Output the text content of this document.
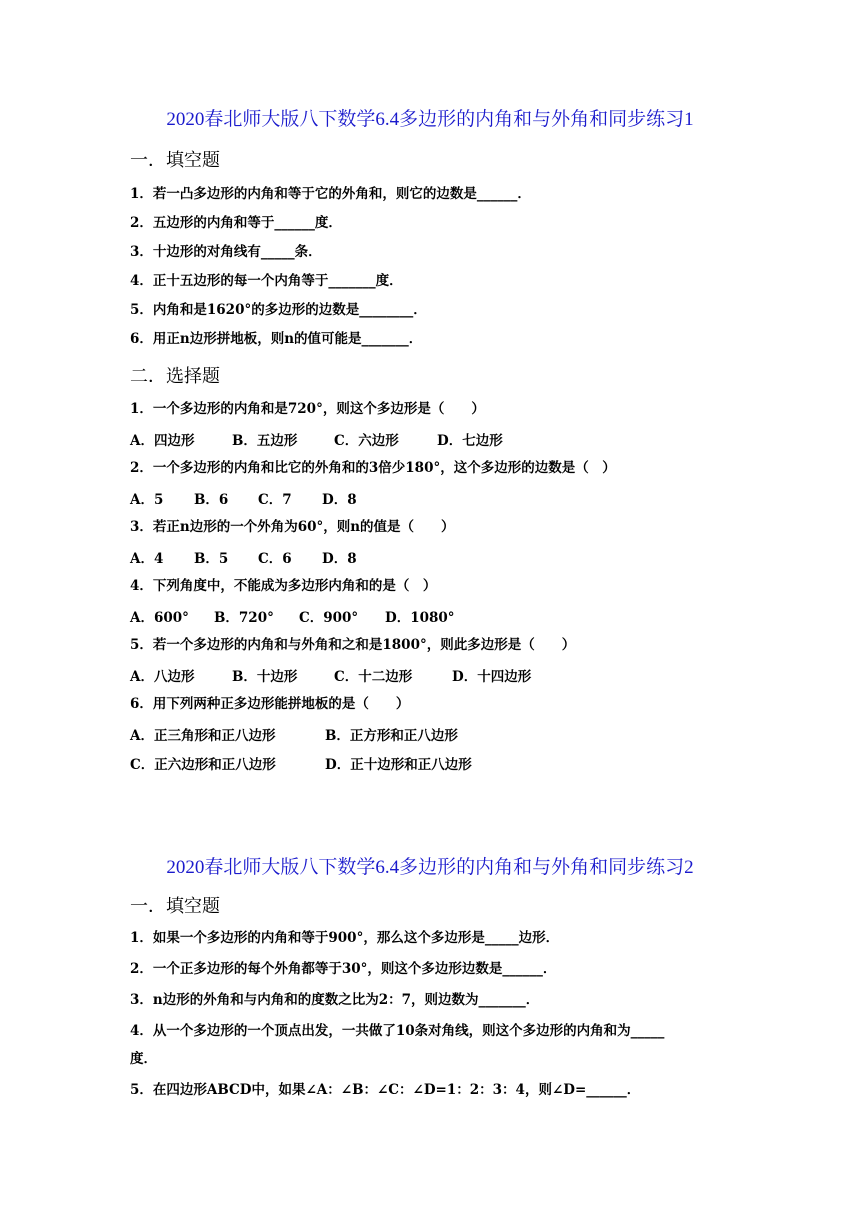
2020春北师大版八下数学6.4多边形的内角和与外角和同步练习1
一．填空题
1．若一凸多边形的内角和等于它的外角和，则它的边数是______．
2．五边形的内角和等于______度．
3．十边形的对角线有_____条．
4．正十五边形的每一个内角等于_______度．
5．内角和是1620°的多边形的边数是________．
6．用正n边形拼地板，则n的值可能是_______．
二．选择题
1．一个多边形的内角和是720°，则这个多边形是（　　）
A．四边形	B．五边形	C．六边形	D．七边形
2．一个多边形的内角和比它的外角和的3倍少180°，这个多边形的边数是（　）
A．5 B．6 C．7 D．8
3．若正n边形的一个外角为60°，则n的值是（　　）
A．4 B．5 C．6 D．8
4．下列角度中，不能成为多边形内角和的是（　）
A．600° B．720° C．900° D．1080°
5．若一个多边形的内角和与外角和之和是1800°，则此多边形是（　　）
A．八边形	B．十边形	C．十二边形	D．十四边形
6．用下列两种正多边形能拼地板的是（　　）
A．正三角形和正八边形	B．正方形和正八边形
C．正六边形和正八边形	D．正十边形和正八边形
2020春北师大版八下数学6.4多边形的内角和与外角和同步练习2
一．填空题
1．如果一个多边形的内角和等于900°，那么这个多边形是_____边形．
2．一个正多边形的每个外角都等于30°，则这个多边形边数是______．
3．n边形的外角和与内角和的度数之比为2：7，则边数为_______．
4．从一个多边形的一个顶点出发，一共做了10条对角线，则这个多边形的内角和为_____
度．
5．在四边形ABCD中，如果∠A：∠B：∠C：∠D=1：2：3：4，则∠D=______．
